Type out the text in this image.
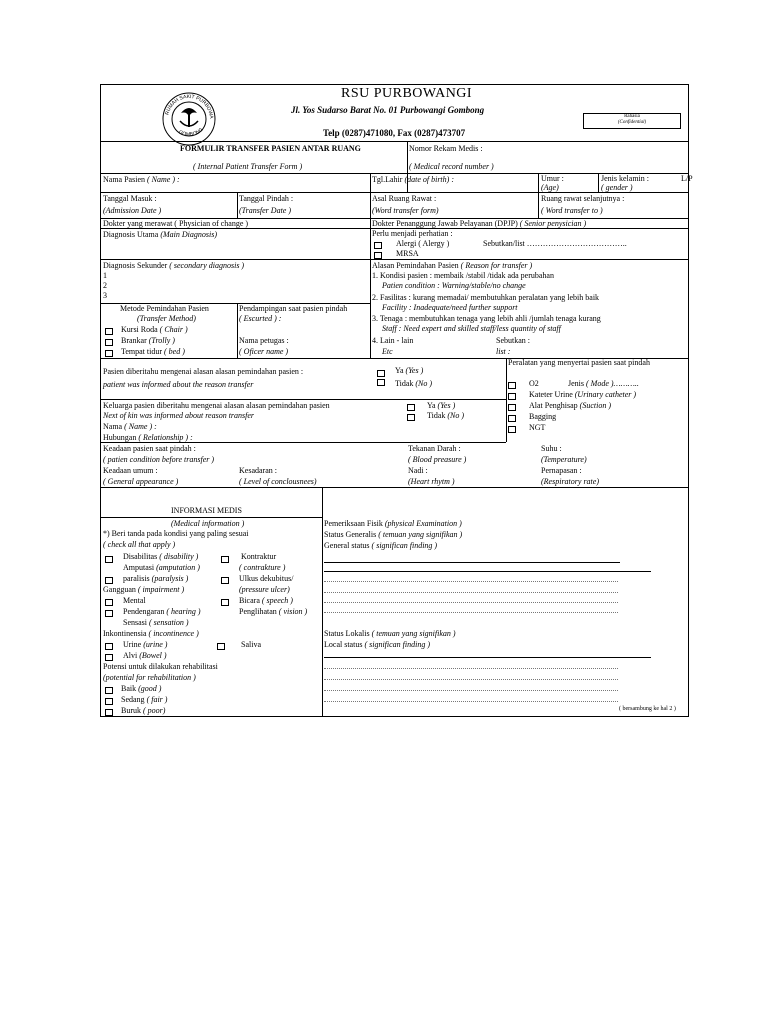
RUMAH SAKIT PURBOWA
GOMBONG
RSU PURBOWANGI
Jl. Yos Sudarso Barat No. 01 Purbowangi Gombong
Telp (0287)471080, Fax (0287)473707
Rahasia
(Confidential)
FORMULIR TRANSFER PASIEN ANTAR RUANG
( Internal Patient Transfer Form )
Nomor Rekam Medis :
( Medical record number )
Nama Pasien ( Name ) :	Tgl.Lahir (date of birth) :	Umur :
(Age)
Jenis kelamin :	L/P
( gender )
Tanggal Masuk :
(Admission Date )
Tanggal Pindah :
(Transfer Date )
Asal Ruang Rawat :
(Word transfer form)
Ruang rawat selanjutnya :
( Word transfer to )
Dokter yang merawat ( Physician of change )	Dokter Penanggung Jawab Pelayanan (DPJP) ( Senior penysician )
Diagnosis Utama (Main Diagnosis)	Perlu menjadi perhatian :
Alergi ( Alergy )	Sebutkan/list ………………………………..
MRSA
Diagnosis Sekunder ( secondary diagnosis )
1
2
3
Alasan Pemindahan Pasien ( Reason for transfer )
1. Kondisi pasien : membaik /stabil /tidak ada perubahan
Patien condition : Warning/stable/no change
2. Fasilitas : kurang memadai/ membutuhkan peralatan yang lebih baik
Facility : Inadequate/need further support
3. Tenaga : membutuhkan tenaga yang lebih ahli /jumlah tenaga kurang
Staff : Need expert and skilled staff/less quantity of staff
4. Lain - lain
Etc
Sebutkan :
list :
Metode Pemindahan Pasien
(Transfer Method)
Kursi Roda ( Chair )
Brankar (Trolly )
Tempat tidur ( bed )
Pendampingan saat pasien pindah
( Escurted ) :
Nama petugas :
( Oficer name )
Pasien diberitahu mengenai alasan alasan pemindahan pasien :
patient was informed about the reason transfer
Ya (Yes )
Tidak (No )
Keluarga pasien diberitahu mengenai alasan alasan pemindahan pasien
Next of kin was informed about reason transfer
Ya (Yes )
Tidak (No )
Nama ( Name ) :
Hubungan ( Relationship ) :
Peralatan yang menyertai pasien saat pindah
O2	Jenis ( Mode )………..
Kateter Urine (Urinary catheter )
Alat Penghisap (Suction )
Bagging
NGT
Keadaan pasien saat pindah :
( patien condition before transfer )
Keadaan umum :
( General appearance )
Kesadaran :
( Level of conclousnees)
Tekanan Darah :
( Blood preasure )
Nadi :
(Heart rhytm )
Suhu :
(Temperature)
Pernapasan :
(Respiratory rate)
INFORMASI MEDIS
(Medical information )
*) Beri tanda pada kondisi yang paling sesuai
( check all that apply )
Disabilitas ( disability )	Kontraktur
( contrakture )
Amputasi (amputation )
paralisis (paralysis )	Ulkus dekubitus/
(pressure ulcer)
Gangguan ( impairment )
Mental	Bicara ( speech )
Pendengaran ( hearing )	Penglihatan ( vision )
Sensasi ( sensation )
Inkontinensia ( incontinence )
Urine (urine )	Saliva
Alvi (Bowel )
Potensi untuk dilakukan rehabilitasi
(potential for rehabilitation )
Baik (good )
Sedang ( fair )
Buruk ( poor)
Pemeriksaan Fisik (physical Examination )
Status Generalis ( temuan yang signifikan )
General status ( significan finding )
Status Lokalis ( temuan yang signifikan )
Local status ( significan finding )
( bersambung ke hal 2 )
